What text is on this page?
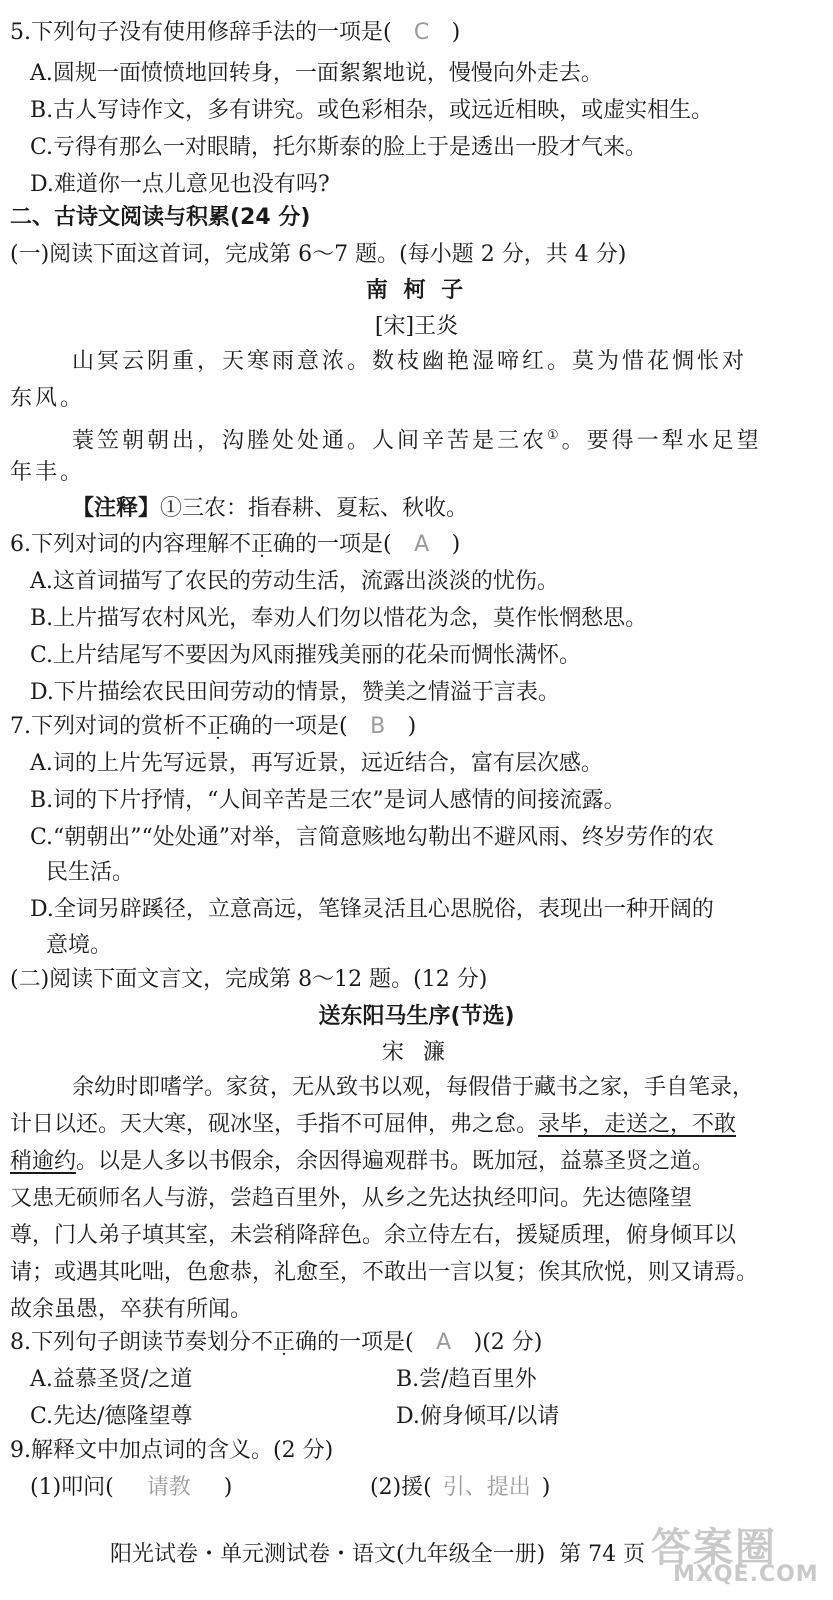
5.下列句子没有使用修辞手法的一项是( C )
A.圆规一面愤愤地回转身，一面絮絮地说，慢慢向外走去。
B.古人写诗作文，多有讲究。或色彩相杂，或远近相映，或虚实相生。
C.亏得有那么一对眼睛，托尔斯泰的脸上于是透出一股才气来。
D.难道你一点儿意见也没有吗?
二、古诗文阅读与积累(24 分)
(一)阅读下面这首词，完成第 6～7 题。(每小题 2 分，共 4 分)
南 柯 子
[宋]王炎
山冥云阴重，天寒雨意浓。数枝幽艳湿啼红。莫为惜花惆怅对
东风。
蓑笠朝朝出，沟塍处处通。人间辛苦是三农①。要得一犁水足望
年丰。
【注释】①三农：指春耕、夏耘、秋收。
6.下列对词的内容理解不正确的一项是( A )
A.这首词描写了农民的劳动生活，流露出淡淡的忧伤。
B.上片描写农村风光，奉劝人们勿以惜花为念，莫作怅惘愁思。
C.上片结尾写不要因为风雨摧残美丽的花朵而惆怅满怀。
D.下片描绘农民田间劳动的情景，赞美之情溢于言表。
7.下列对词的赏析不正确的一项是( B )
A.词的上片先写远景，再写近景，远近结合，富有层次感。
B.词的下片抒情，“人间辛苦是三农”是词人感情的间接流露。
C.“朝朝出”“处处通”对举，言简意赅地勾勒出不避风雨、终岁劳作的农
民生活。
D.全词另辟蹊径，立意高远，笔锋灵活且心思脱俗，表现出一种开阔的
意境。
(二)阅读下面文言文，完成第 8～12 题。(12 分)
送东阳马生序(节选)
宋 濂
余幼时即嗜学。家贫，无从致书以观，每假借于藏书之家，手自笔录，
计日以还。天大寒，砚冰坚，手指不可屈伸，弗之怠。录毕，走送之，不敢
稍逾约。以是人多以书假余，余因得遍观群书。既加冠，益慕圣贤之道。
又患无硕师名人与游，尝趋百里外，从乡之先达执经叩问。先达德隆望
尊，门人弟子填其室，未尝稍降辞色。余立侍左右，援疑质理，俯身倾耳以
请；或遇其叱咄，色愈恭，礼愈至，不敢出一言以复；俟其欣悦，则又请焉。
故余虽愚，卒获有所闻。
8.下列句子朗读节奏划分不正确的一项是( A )(2 分)
A.益慕圣贤/之道	B.尝/趋百里外
C.先达/德隆望尊	D.俯身倾耳/以请
9.解释文中加点词的含义。(2 分)
(1)叩问( 请教 )	(2)援( 引、提出 )
阳光试卷・单元测试卷・语文(九年级全一册) 第 74 页 答案圈
MXQE.COM
